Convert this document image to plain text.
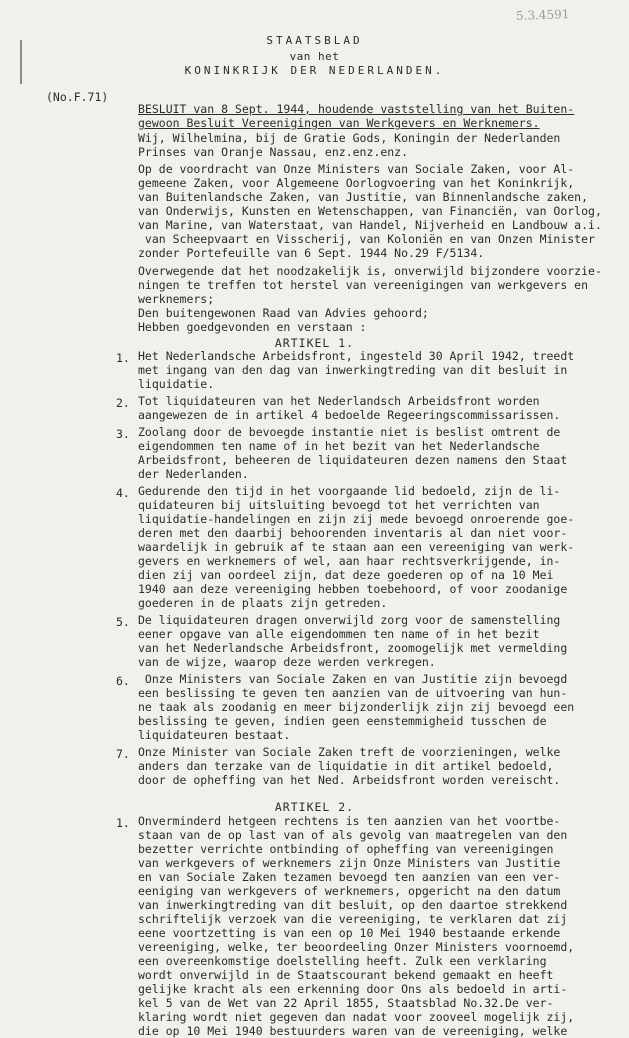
5.3.4591
STAATSBLAD
van het
KONINKRIJK DER NEDERLANDEN.
(No.F.71)
BESLUIT van 8 Sept. 1944, houdende vaststelling van het Buiten-
gewoon Besluit Vereenigingen van Werkgevers en Werknemers.
Wij, Wilhelmina, bij de Gratie Gods, Koningin der Nederlanden
Prinses van Oranje Nassau, enz.enz.enz.
Op de voordracht van Onze Ministers van Sociale Zaken, voor Al-
gemeene Zaken, voor Algemeene Oorlogvoering van het Koninkrijk,
van Buitenlandsche Zaken, van Justitie, van Binnenlandsche zaken,
van Onderwijs, Kunsten en Wetenschappen, van Financiën, van Oorlog,
van Marine, van Waterstaat, van Handel, Nijverheid en Landbouw a.i.
van Scheepvaart en Visscherij, van Koloniën en van Onzen Minister
zonder Portefeuille van 6 Sept. 1944 No.29 F/5134.
Overwegende dat het noodzakelijk is, onverwijld bijzondere voorzie-
ningen te treffen tot herstel van vereenigingen van werkgevers en
werknemers;
Den buitengewonen Raad van Advies gehoord;
Hebben goedgevonden en verstaan :
ARTIKEL 1.
1. Het Nederlandsche Arbeidsfront, ingesteld 30 April 1942, treedt
met ingang van den dag van inwerkingtreding van dit besluit in
liquidatie.
2. Tot liquidateuren van het Nederlandsch Arbeidsfront worden
aangewezen de in artikel 4 bedoelde Regeeringscommissarissen.
3. Zoolang door de bevoegde instantie niet is beslist omtrent de
eigendommen ten name of in het bezit van het Nederlandsche
Arbeidsfront, beheeren de liquidateuren dezen namens den Staat
der Nederlanden.
4. Gedurende den tijd in het voorgaande lid bedoeld, zijn de li-
quidateuren bij uitsluiting bevoegd tot het verrichten van
liquidatie-handelingen en zijn zij mede bevoegd onroerende goe-
deren met den daarbij behoorenden inventaris al dan niet voor-
waardelijk in gebruik af te staan aan een vereeniging van werk-
gevers en werknemers of wel, aan haar rechtsverkrijgende, in-
dien zij van oordeel zijn, dat deze goederen op of na 10 Mei
1940 aan deze vereeniging hebben toebehoord, of voor zoodanige
goederen in de plaats zijn getreden.
5. De liquidateuren dragen onverwijld zorg voor de samenstelling
eener opgave van alle eigendommen ten name of in het bezit
van het Nederlandsche Arbeidsfront, zoomogelijk met vermelding
van de wijze, waarop deze werden verkregen.
6. Onze Ministers van Sociale Zaken en van Justitie zijn bevoegd
een beslissing te geven ten aanzien van de uitvoering van hun-
ne taak als zoodanig en meer bijzonderlijk zijn zij bevoegd een
beslissing te geven, indien geen eenstemmigheid tusschen de
liquidateuren bestaat.
7. Onze Minister van Sociale Zaken treft de voorzieningen, welke
anders dan terzake van de liquidatie in dit artikel bedoeld,
door de opheffing van het Ned. Arbeidsfront worden vereischt.
ARTIKEL 2.
1. Onverminderd hetgeen rechtens is ten aanzien van het voortbe-
staan van de op last van of als gevolg van maatregelen van den
bezetter verrichte ontbinding of opheffing van vereenigingen
van werkgevers of werknemers zijn Onze Ministers van Justitie
en van Sociale Zaken tezamen bevoegd ten aanzien van een ver-
eeniging van werkgevers of werknemers, opgericht na den datum
van inwerkingtreding van dit besluit, op den daartoe strekkend
schriftelijk verzoek van die vereeniging, te verklaren dat zij
eene voortzetting is van een op 10 Mei 1940 bestaande erkende
vereeniging, welke, ter beoordeeling Onzer Ministers voornoemd,
een overeenkomstige doelstelling heeft. Zulk een verklaring
wordt onverwijld in de Staatscourant bekend gemaakt en heeft
gelijke kracht als een erkenning door Ons als bedoeld in arti-
kel 5 van de Wet van 22 April 1855, Staatsblad No.32.De ver-
klaring wordt niet gegeven dan nadat voor zooveel mogelijk zij,
die op 10 Mei 1940 bestuurders waren van de vereeniging, welke
